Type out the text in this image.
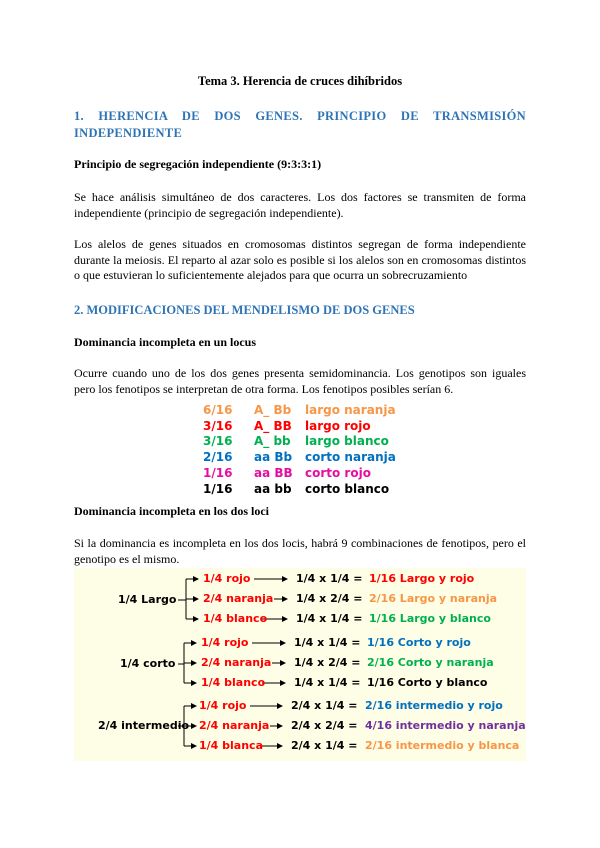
Tema 3. Herencia de cruces dihíbridos
1. HERENCIA DE DOS GENES. PRINCIPIO DE TRANSMISIÓN INDEPENDIENTE
Principio de segregación independiente (9:3:3:1)
Se hace análisis simultáneo de dos caracteres. Los dos factores se transmiten de forma independiente (principio de segregación independiente).
Los alelos de genes situados en cromosomas distintos segregan de forma independiente durante la meiosis. El reparto al azar solo es posible si los alelos son en cromosomas distintos o que estuvieran lo suficientemente alejados para que ocurra un sobrecruzamiento
2. MODIFICACIONES DEL MENDELISMO DE DOS GENES
Dominancia incompleta en un locus
Ocurre cuando uno de los dos genes presenta semidominancia. Los genotipos son iguales pero los fenotipos se interpretan de otra forma. Los fenotipos posibles serían 6.
6/16 A_ Bb largo naranja
3/16 A_ BB largo rojo
3/16 A_ bb largo blanco
2/16 aa Bb corto naranja
1/16 aa BB corto rojo
1/16 aa bb corto blanco
Dominancia incompleta en los dos loci
Si la dominancia es incompleta en los dos locis, habrá 9 combinaciones de fenotipos, pero el genotipo es el mismo.
1/4 Largo
1/4 rojo
2/4 naranja
1/4 blanco
1/4 x 1/4 =
1/4 x 2/4 =
1/4 x 1/4 =
1/16 Largo y rojo
2/16 Largo y naranja
1/16 Largo y blanco
1/4 corto
1/4 rojo
2/4 naranja
1/4 blanco
1/4 x 1/4 =
1/4 x 2/4 =
1/4 x 1/4 =
1/16 Corto y rojo
2/16 Corto y naranja
1/16 Corto y blanco
2/4 intermedio
1/4 rojo
2/4 naranja
1/4 blanca
2/4 x 1/4 =
2/4 x 2/4 =
2/4 x 1/4 =
2/16 intermedio y rojo
4/16 intermedio y naranja
2/16 intermedio y blanca
